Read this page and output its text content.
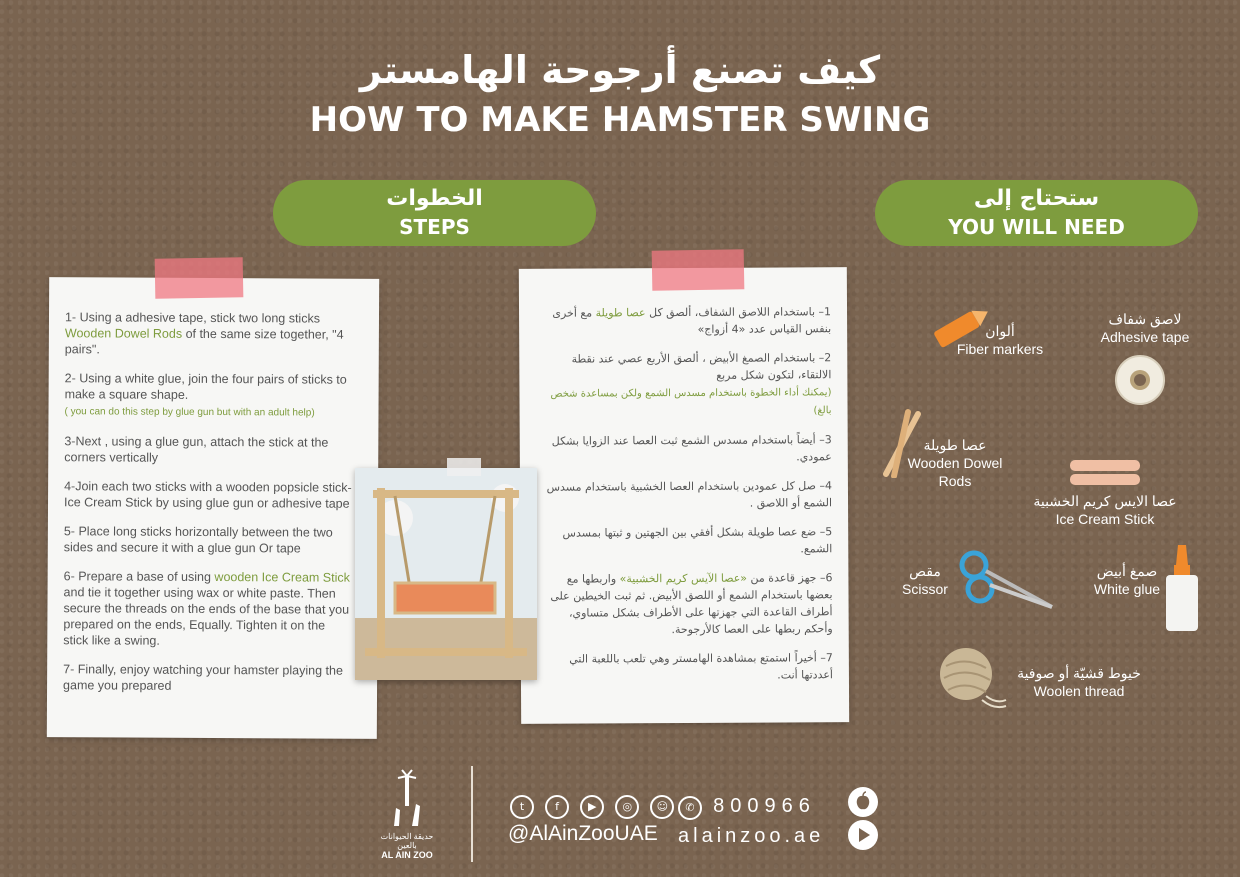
كيف تصنع أرجوحة الهامستر
HOW TO MAKE HAMSTER SWING
الخطوات
STEPS
ستحتاج إلى
YOU WILL NEED

1- Using a adhesive tape, stick two long sticks Wooden Dowel Rods of the same size together, "4 pairs".

2- Using a white glue, join the four pairs of sticks to make a square shape.
( you can do this step by glue gun but with an adult help)

3-Next , using a glue gun, attach the stick at the corners vertically

4-Join each two sticks with a wooden popsicle stick- Ice Cream Stick by using glue gun or adhesive tape

5- Place long sticks horizontally between the two sides and secure it with a glue gun Or tape

6- Prepare a base of using wooden Ice Cream Stick and tie it together using wax or white paste. Then secure the threads on the ends of the base that you prepared on the ends, Equally. Tighten it on the stick like a swing.

7- Finally, enjoy watching your hamster playing the game you prepared

1– باستخدام اللاصق الشفاف، ألصق كل عصا طويلة مع أخرى بنفس القياس عدد «4 أزواج»

2– باستخدام الصمغ الأبيض ، ألصق الأربع عصي عند نقطة الالتقاء، لتكون شكل مربع
(يمكنك أداء الخطوة باستخدام مسدس الشمع ولكن بمساعدة شخص بالغ)

3– أيضاً باستخدام مسدس الشمع ثبت العصا عند الزوايا بشكل عمودي.

4– صل كل عمودين باستخدام العصا الخشبية باستخدام مسدس الشمع أو اللاصق .

5– ضع عصا طويلة بشكل أفقي بين الجهتين و ثبتها بمسدس الشمع.

6– جهز قاعدة من «عصا الآيس كريم الخشبية» واربطها مع بعضها باستخدام الشمع أو اللصق الأبيض. ثم ثبت الخيطين على أطراف القاعدة التي جهزتها على الأطراف بشكل متساوي، وأحكم ربطها على العصا كالأرجوحة.

7– أخيراً استمتع بمشاهدة الهامستر وهي تلعب باللعبة التي أعددتها أنت.

ألوان
Fiber markers
لاصق شفاف
Adhesive tape
عصا طويلة
Wooden Dowel Rods
عصا الايس كريم الخشبية
Ice Cream Stick
مقص
Scissor
صمغ أبيض
White glue
خيوط قشيّة أو صوفية
Woolen thread
حديقة الحيوانات بالعين
AL AIN ZOO
t	f	▶ ◎ ☺
@AlAinZooUAE
✆ 800966
alainzoo.ae
